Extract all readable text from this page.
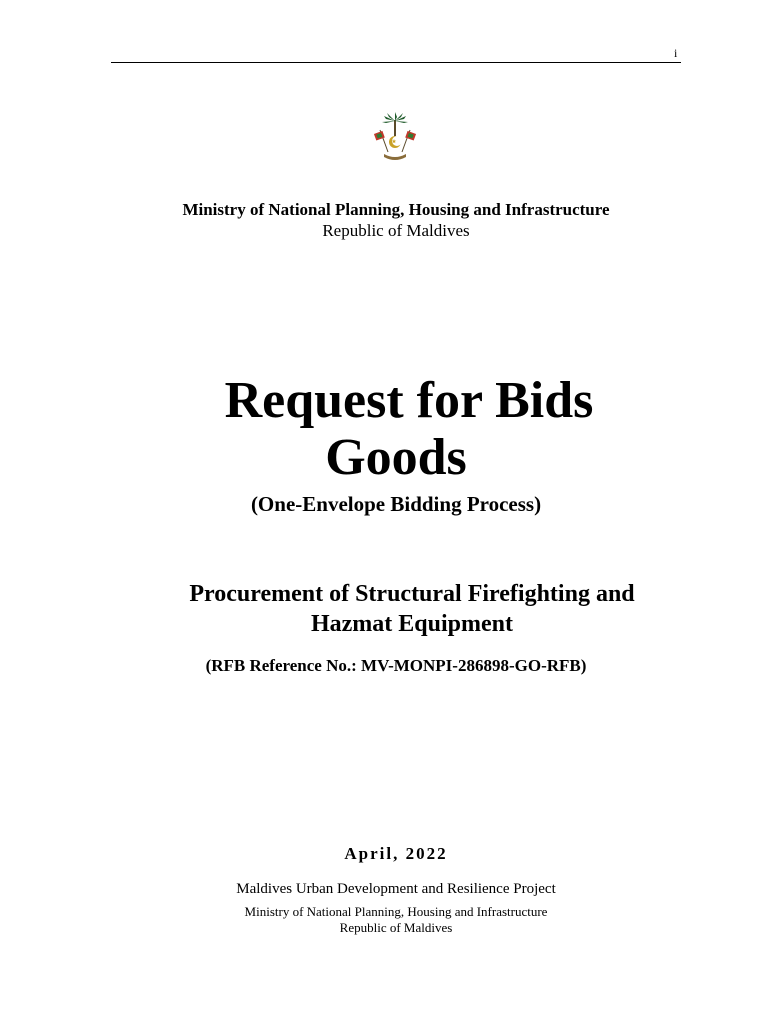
i
Ministry of National Planning, Housing and Infrastructure
Republic of Maldives
Request for Bids
Goods
(One-Envelope Bidding Process)
Procurement of Structural Firefighting and
Hazmat Equipment
(RFB Reference No.: MV-MONPI-286898-GO-RFB)
April, 2022
Maldives Urban Development and Resilience Project
Ministry of National Planning, Housing and Infrastructure
Republic of Maldives
